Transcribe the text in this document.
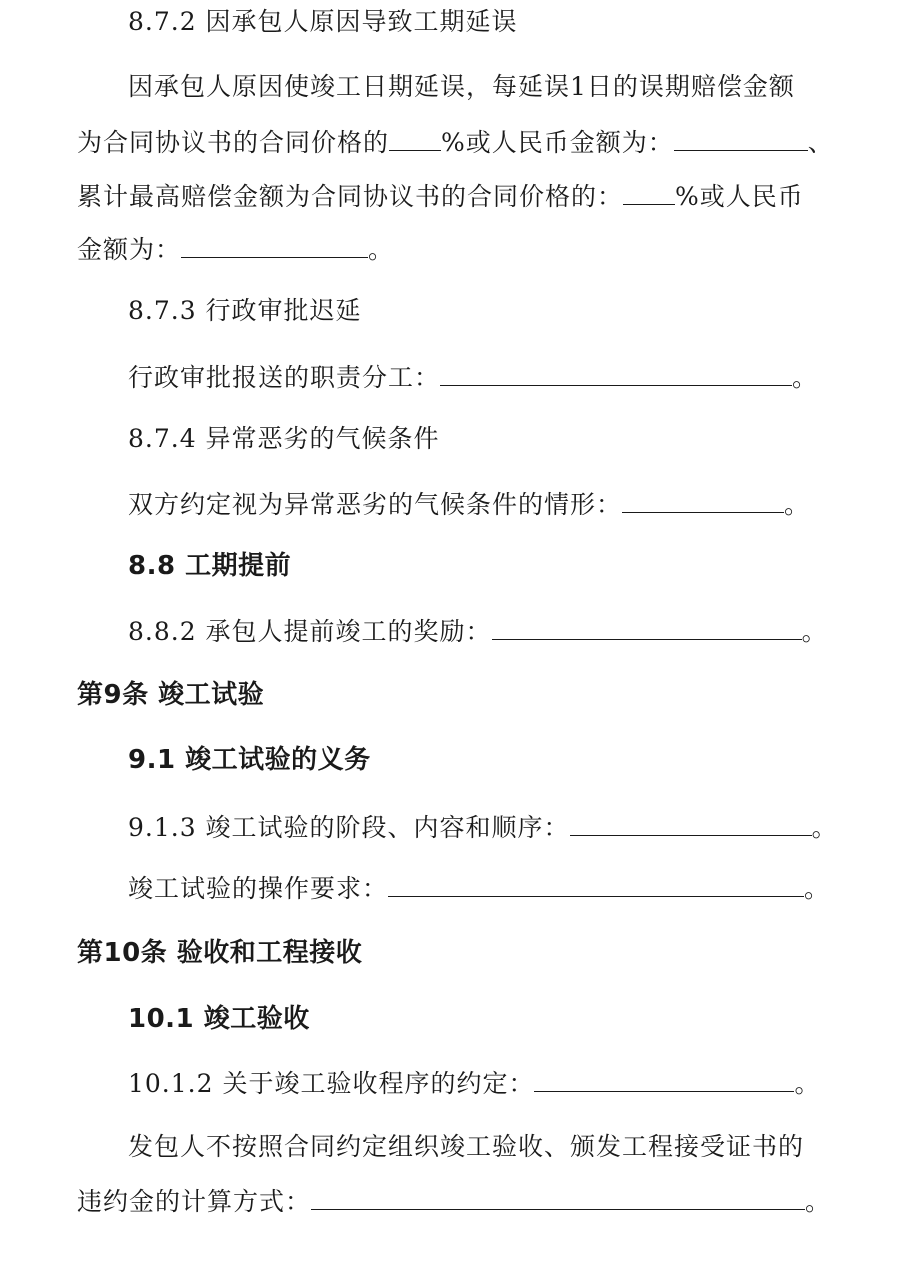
8.7.2 因承包人原因导致工期延误
因承包人原因使竣工日期延误，每延误1日的误期赔偿金额
为合同协议书的合同价格的 %或人民币金额为：	、
累计最高赔偿金额为合同协议书的合同价格的： %或人民币
金额为：	。
8.7.3 行政审批迟延
行政审批报送的职责分工：	。
8.7.4 异常恶劣的气候条件
双方约定视为异常恶劣的气候条件的情形：	。
8.8 工期提前
8.8.2 承包人提前竣工的奖励：	。
第9条 竣工试验
9.1 竣工试验的义务
9.1.3 竣工试验的阶段、内容和顺序：	。
竣工试验的操作要求：	。
第10条 验收和工程接收
10.1 竣工验收
10.1.2 关于竣工验收程序的约定：	。
发包人不按照合同约定组织竣工验收、颁发工程接受证书的
违约金的计算方式：	。
